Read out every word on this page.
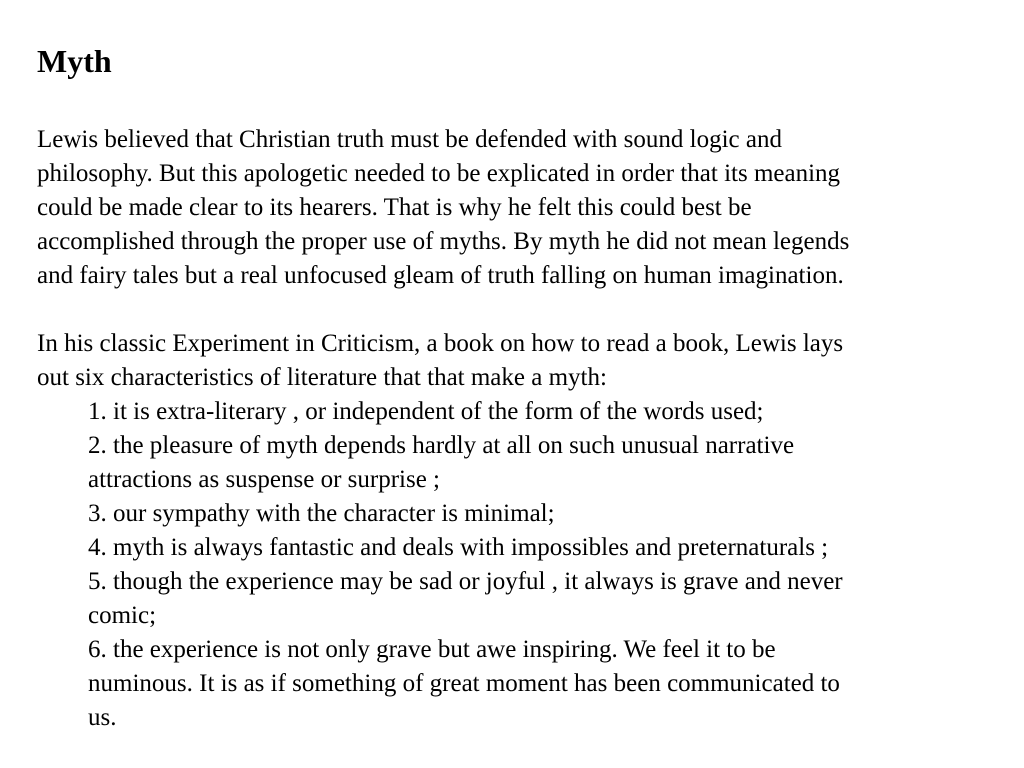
Myth

Lewis believed that Christian truth must be defended with sound logic and
philosophy. But this apologetic needed to be explicated in order that its meaning
could be made clear to its hearers. That is why he felt this could best be
accomplished through the proper use of myths. By myth he did not mean legends
and fairy tales but a real unfocused gleam of truth falling on human imagination.

In his classic Experiment in Criticism, a book on how to read a book, Lewis lays
out six characteristics of literature that that make a myth:
1. it is extra-literary , or independent of the form of the words used;
2. the pleasure of myth depends hardly at all on such unusual narrative
attractions as suspense or surprise ;
3. our sympathy with the character is minimal;
4. myth is always fantastic and deals with impossibles and preternaturals ;
5. though the experience may be sad or joyful , it always is grave and never
comic;
6. the experience is not only grave but awe inspiring. We feel it to be
numinous. It is as if something of great moment has been communicated to
us.
